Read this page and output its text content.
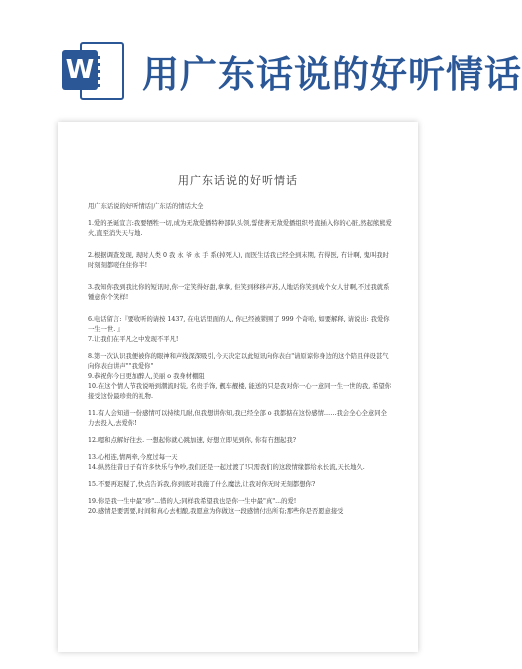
W 用广东话说的好听情话
用广东话说的好听情话

用广东话说的好听情话|广东话的情话大全

1.爱的圣诞宣言:我要牺牲一切,成为无敌爱播特种部队头领,誓使著无敌爱播组织号直插入你的心脏,然起熊熊爱火,直至消失天与地.

2.根据调查发现, 现时人类 0 我 永 爷 永 手 系(掉死人), 而医生话我已经全到末期, 冇得医, 冇计啊, 鬼叫我时时刻刻都嗟住住你半!

3.我知你我到我比你的短讯时,你一定笑得好甜,拿拿, 佢笑到移移声苏,人地话你笑到成个女人甘啊,不过我就系锺意你个笑样!

6.电话留言:『要收听的请按 1437, 在电话里面的人, 你已经被锁围了 999 个奇哈, 如要解释, 请说出: 我爱你一生一世. 』

7.让我们在平凡之中发现不平凡!

8.第一次认识我便被你的眼神和声线深深吸引,今天决定以此短讯向你表白"请原谅你身边的这个陪且伴设甚气向你表白讲声""我爱你"

9.恭祝你今日更加醉人,美丽 o 我身材棚阻

10.在这个情人节我说唔到潮流时装, 名贵手饰, 靓车靓楼, 能送的只是我对你一心一意同一生一世的我, 希望你接受这份最珍贵的礼物.

11.有人会知道一份感情可以持续几耐,但我想讲你知,我已经全部 o 我都掂在这份感情……我会全心全意同全力去投入,去爱你!

12.嗯和点解好往去. 一想起你就心跳加速, 好想立即见到你, 你有冇想起我?

13.心相连,情两牵,今度过每一天

14.纵然往昔日子有许多快乐与争吵,我们还是一起过渡了!只需我们的这段情缘都给永长流,天长地久.

15.不要再迟疑了,快点告诉我,你到底对我施了什么魔法,让我对你无时无刻都想你?

19.你是我一生中最"珍"...惜的人;同样我希望我也是你一生中最"真"...的爱!

20.感情是要需要,时间和真心去相酿,我愿意为你做这一段感情付出所有;那些你是否愿意接受
